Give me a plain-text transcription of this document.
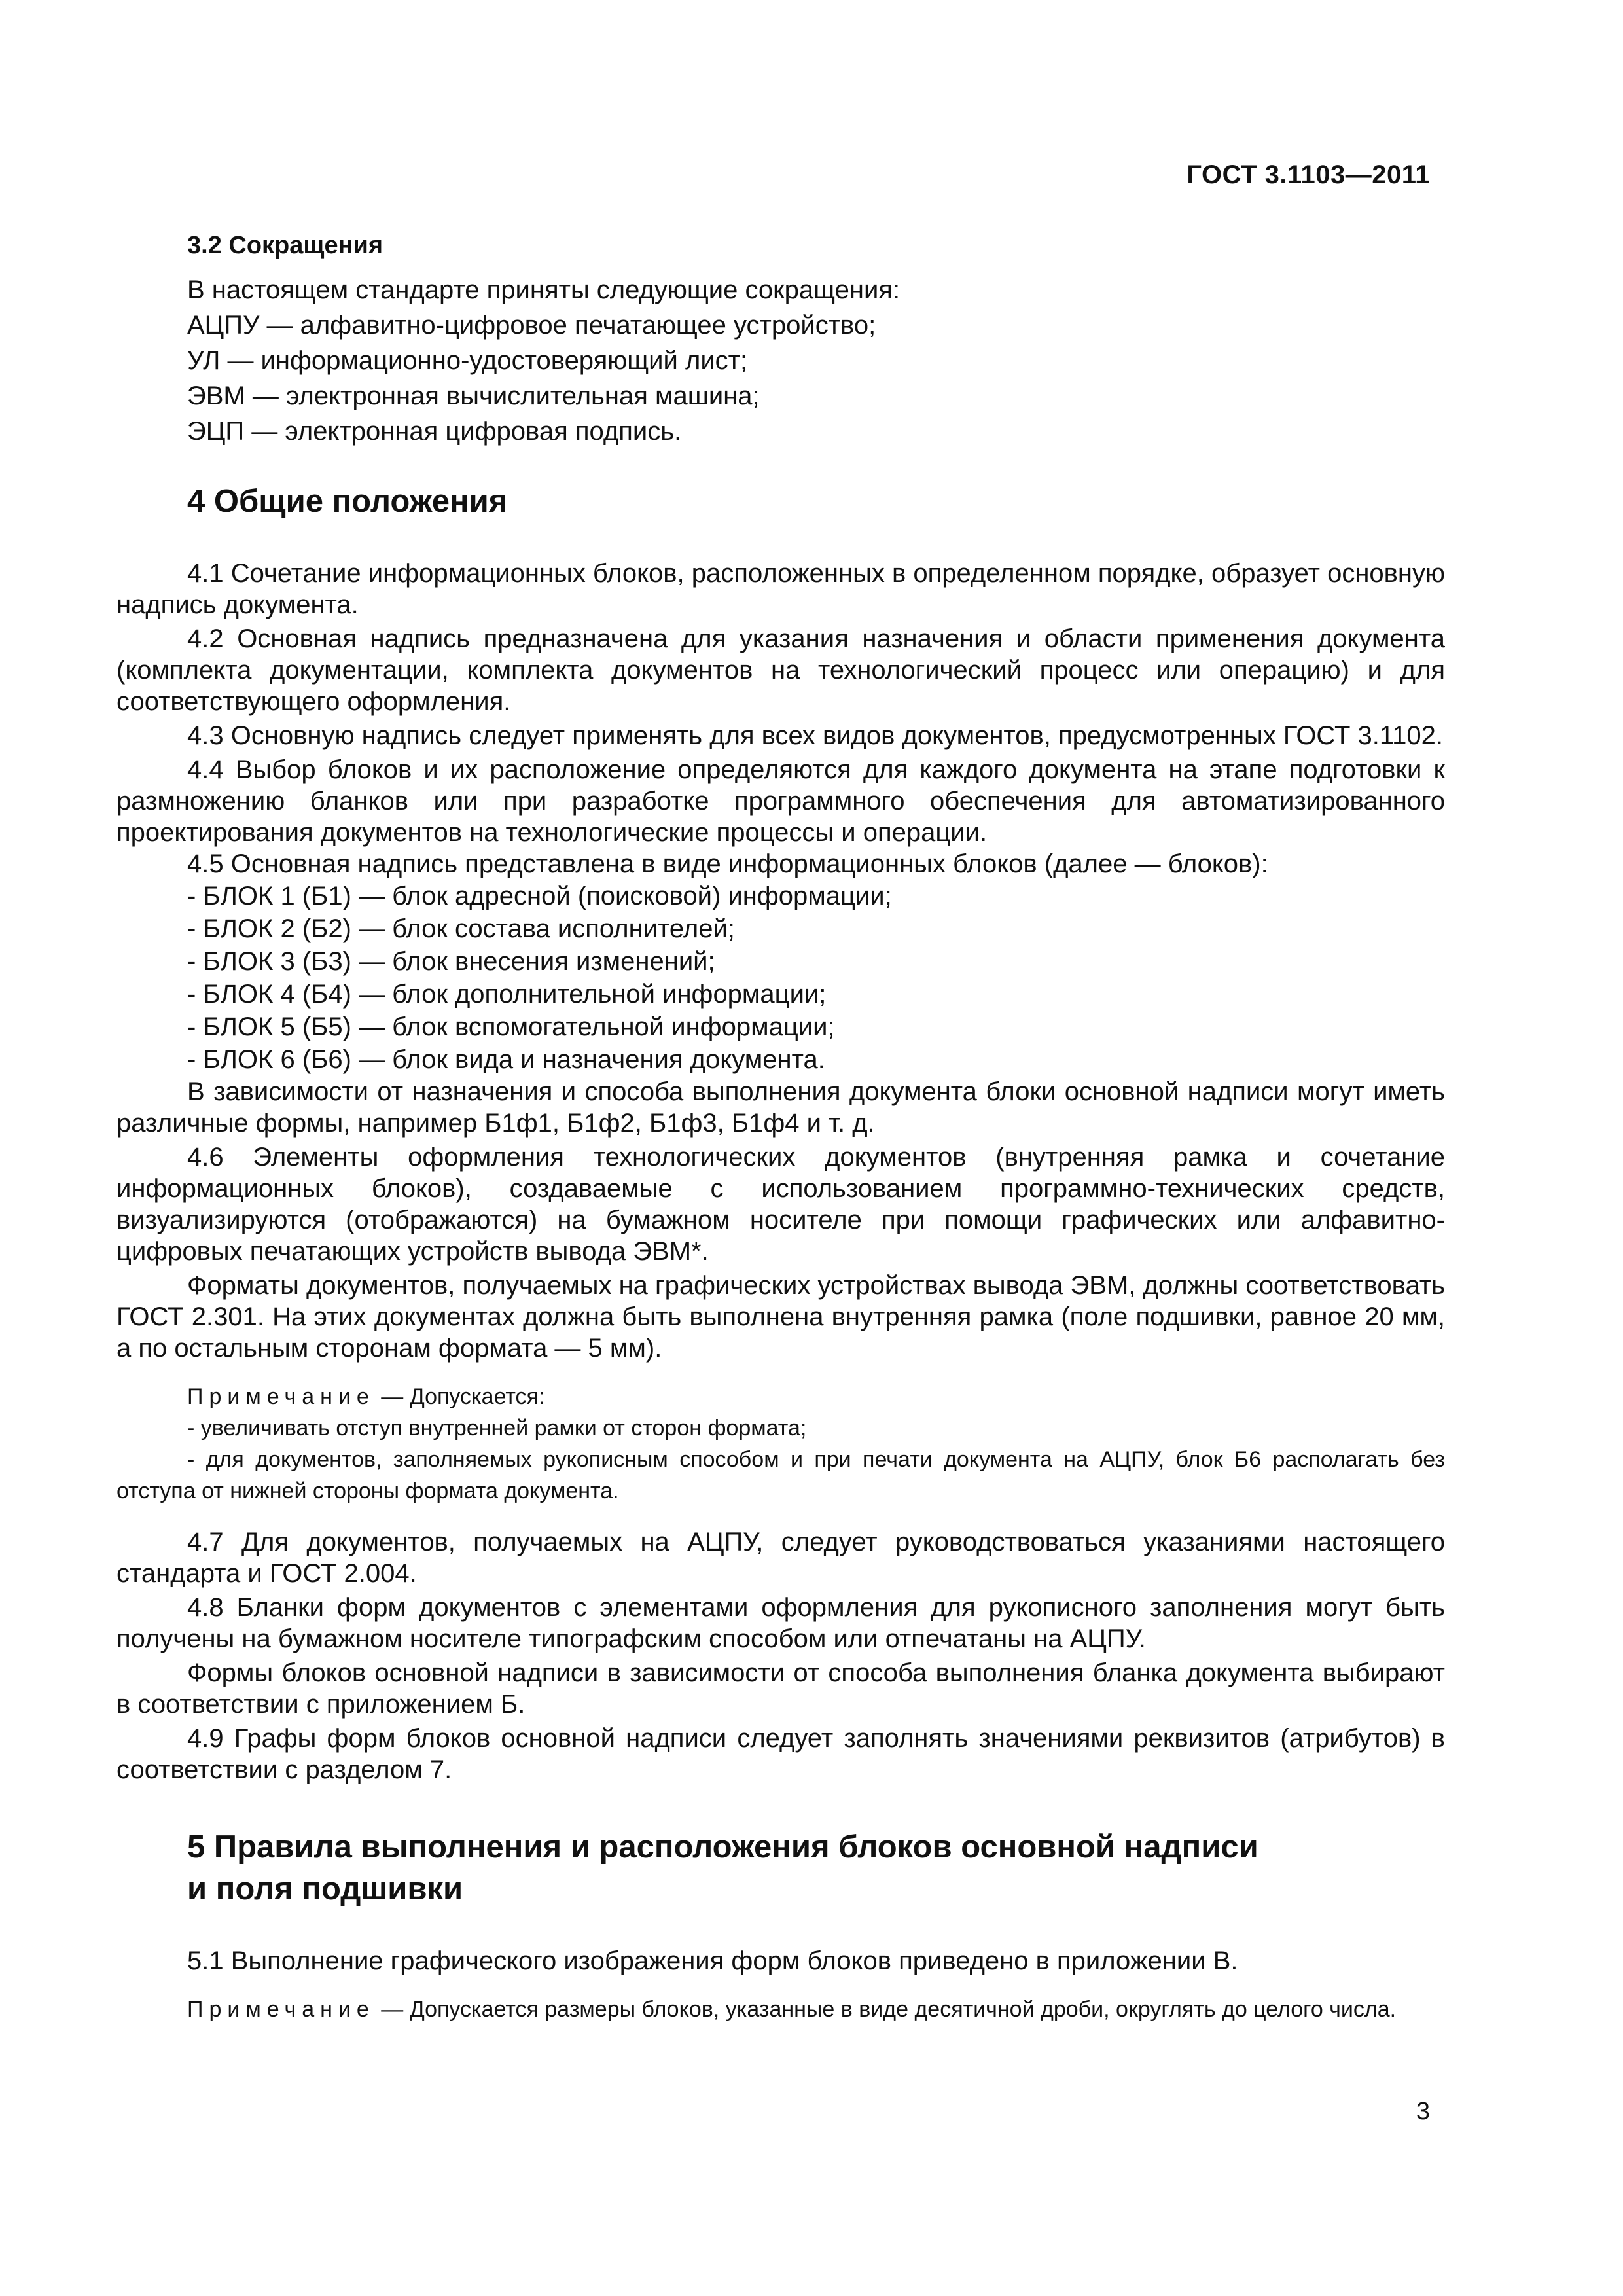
ГОСТ 3.1103—2011
3.2 Сокращения
В настоящем стандарте приняты следующие сокращения:
АЦПУ — алфавитно-цифровое печатающее устройство;
УЛ — информационно-удостоверяющий лист;
ЭВМ — электронная вычислительная машина;
ЭЦП — электронная цифровая подпись.
4 Общие положения

4.1 Сочетание информационных блоков, расположенных в определенном порядке, образует основную надпись документа.

4.2 Основная надпись предназначена для указания назначения и области применения документа (комплекта документации, комплекта документов на технологический процесс или операцию) и для соответствующего оформления.

4.3 Основную надпись следует применять для всех видов документов, предусмотренных ГОСТ 3.1102.

4.4 Выбор блоков и их расположение определяются для каждого документа на этапе подготовки к размножению бланков или при разработке программного обеспечения для автоматизированного проектирования документов на технологические процессы и операции.

4.5 Основная надпись представлена в виде информационных блоков (далее — блоков):

- БЛОК 1 (Б1) — блок адресной (поисковой) информации;
- БЛОК 2 (Б2) — блок состава исполнителей;
- БЛОК 3 (Б3) — блок внесения изменений;
- БЛОК 4 (Б4) — блок дополнительной информации;
- БЛОК 5 (Б5) — блок вспомогательной информации;
- БЛОК 6 (Б6) — блок вида и назначения документа.

В зависимости от назначения и способа выполнения документа блоки основной надписи могут иметь различные формы, например Б1ф1, Б1ф2, Б1ф3, Б1ф4 и т. д.

4.6 Элементы оформления технологических документов (внутренняя рамка и сочетание информационных блоков), создаваемые с использованием программно-технических средств, визуализируются (отображаются) на бумажном носителе при помощи графических или алфавитно-цифровых печатающих устройств вывода ЭВМ*.

Форматы документов, получаемых на графических устройствах вывода ЭВМ, должны соответствовать ГОСТ 2.301. На этих документах должна быть выполнена внутренняя рамка (поле подшивки, равное 20 мм, а по остальным сторонам формата — 5 мм).

Примечание — Допускается:
- увеличивать отступ внутренней рамки от сторон формата;
- для документов, заполняемых рукописным способом и при печати документа на АЦПУ, блок Б6 располагать без отступа от нижней стороны формата документа.

4.7 Для документов, получаемых на АЦПУ, следует руководствоваться указаниями настоящего стандарта и ГОСТ 2.004.

4.8 Бланки форм документов с элементами оформления для рукописного заполнения могут быть получены на бумажном носителе типографским способом или отпечатаны на АЦПУ.

Формы блоков основной надписи в зависимости от способа выполнения бланка документа выбирают в соответствии с приложением Б.

4.9 Графы форм блоков основной надписи следует заполнять значениями реквизитов (атрибутов) в соответствии с разделом 7.

5 Правила выполнения и расположения блоков основной надписи
и поля подшивки

5.1 Выполнение графического изображения форм блоков приведено в приложении В.

Примечание — Допускается размеры блоков, указанные в виде десятичной дроби, округлять до целого числа.
3
